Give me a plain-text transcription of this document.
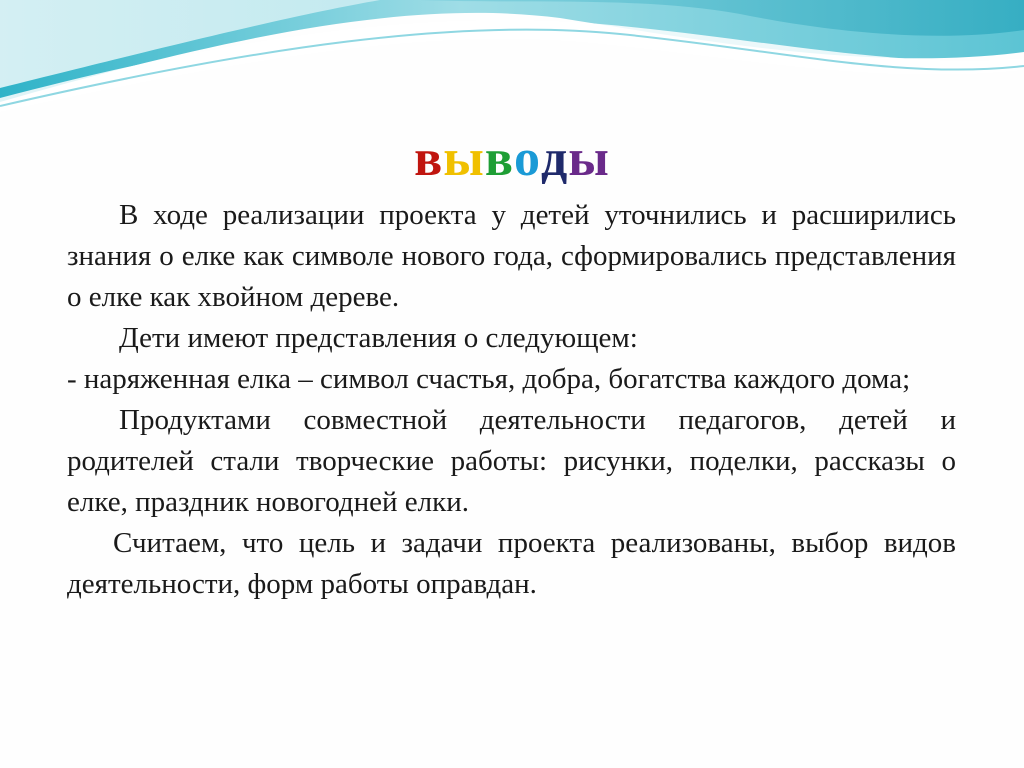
выводы

В ходе реализации проекта у детей уточнились и расширились знания о елке как символе нового года, сформировались представления о елке как хвойном дереве.

Дети имеют представления о следующем:

- наряженная елка – символ счастья, добра, богатства каждого дома;

Продуктами совместной деятельности педагогов, детей и родителей стали творческие работы: рисунки, поделки, рассказы о елке, праздник новогодней елки.

Считаем, что цель и задачи проекта реализованы, выбор видов деятельности, форм работы оправдан.
